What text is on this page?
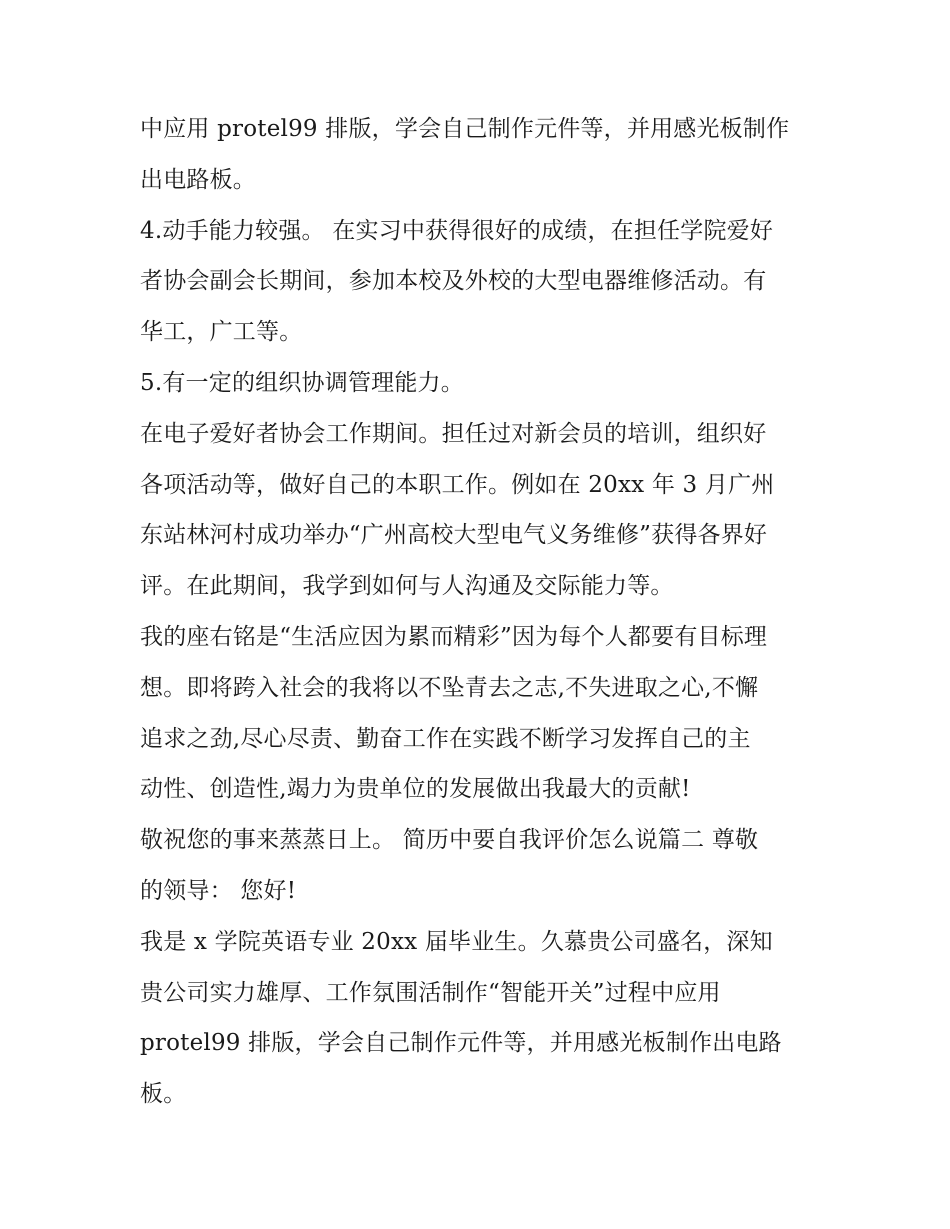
中应用 protel99 排版，学会自己制作元件等，并用感光板制作
出电路板。
4.动手能力较强。 在实习中获得很好的成绩，在担任学院爱好
者协会副会长期间，参加本校及外校的大型电器维修活动。有
华工，广工等。
5.有一定的组织协调管理能力。
在电子爱好者协会工作期间。担任过对新会员的培训，组织好
各项活动等，做好自己的本职工作。例如在 20xx 年 3 月广州
东站林河村成功举办“广州高校大型电气义务维修”获得各界好
评。在此期间，我学到如何与人沟通及交际能力等。
我的座右铭是“生活应因为累而精彩”因为每个人都要有目标理
想。即将跨入社会的我将以不坠青去之志,不失进取之心,不懈
追求之劲,尽心尽责、勤奋工作在实践不断学习发挥自己的主
动性、创造性,竭力为贵单位的发展做出我最大的贡献!
敬祝您的事来蒸蒸日上。 简历中要自我评价怎么说篇二 尊敬
的领导： 您好!
我是 x 学院英语专业 20xx 届毕业生。久慕贵公司盛名，深知
贵公司实力雄厚、工作氛围活制作“智能开关”过程中应用
protel99 排版，学会自己制作元件等，并用感光板制作出电路
板。
